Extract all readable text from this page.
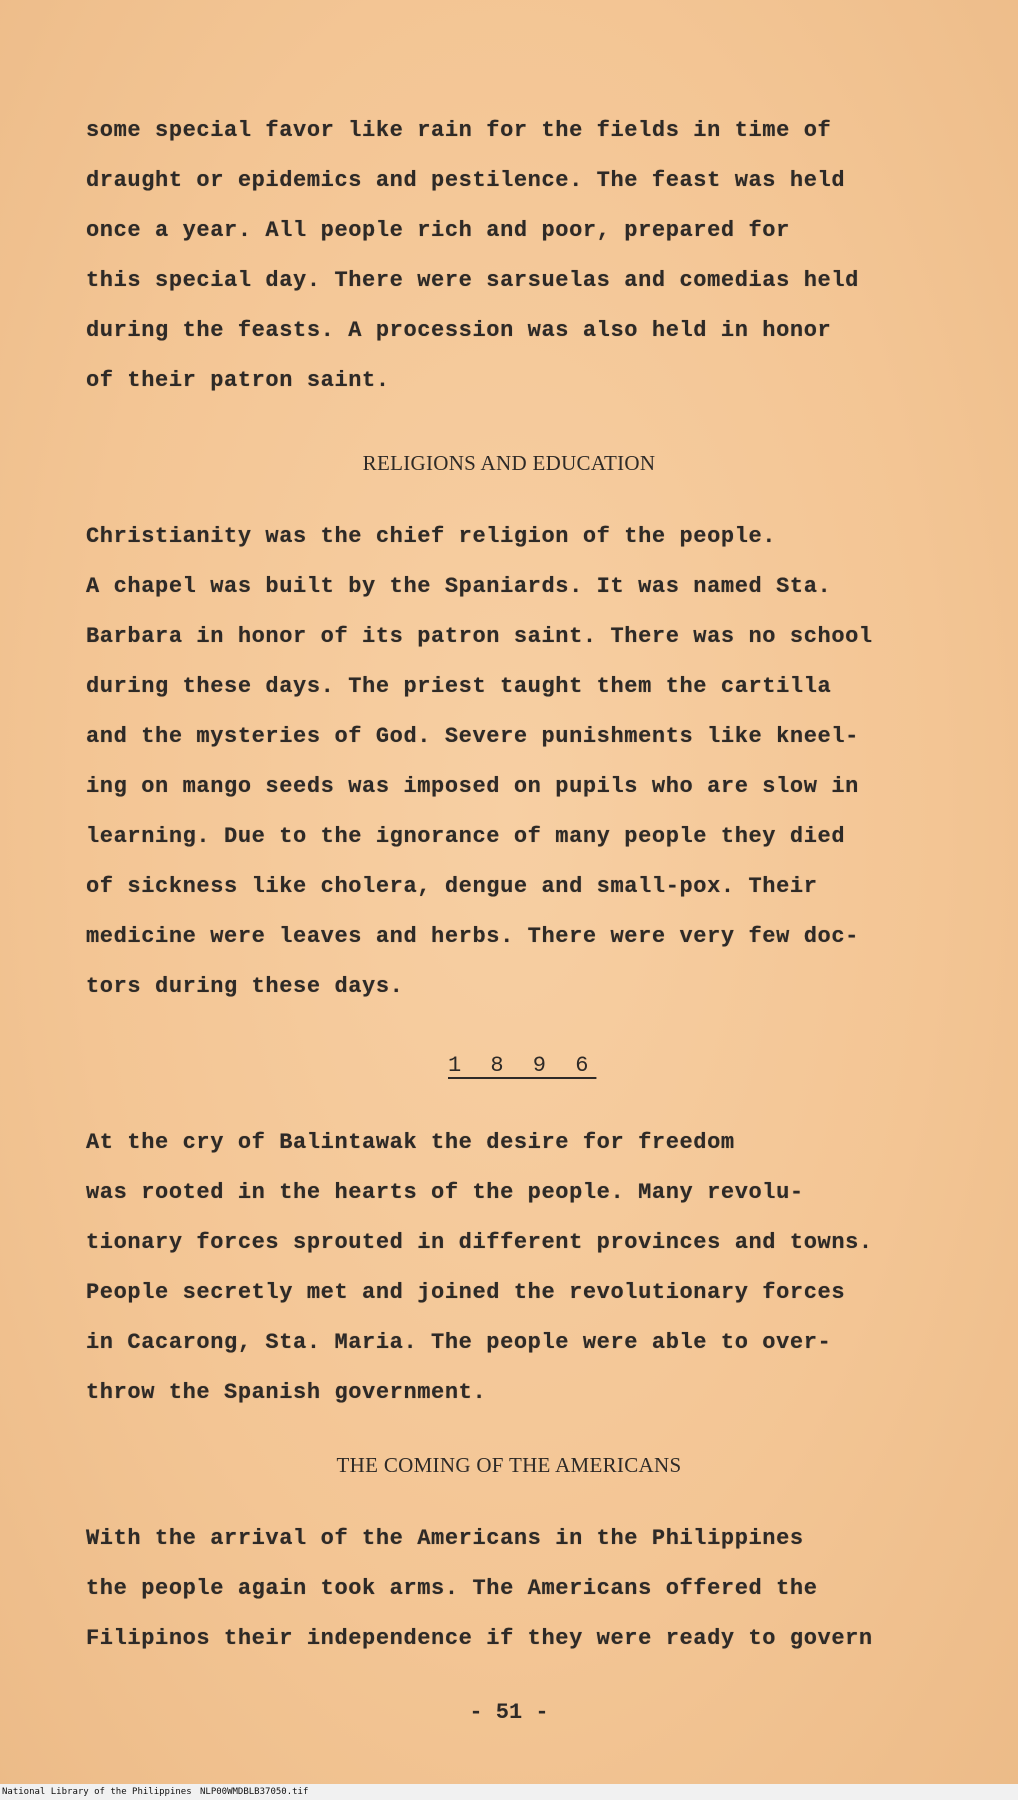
some special favor like rain for the fields in time of
draught or epidemics and pestilence. The feast was held
once a year. All people rich and poor, prepared for
this special day. There were sarsuelas and comedias held
during the feasts. A procession was also held in honor
of their patron saint.
RELIGIONS AND EDUCATION
Christianity was the chief religion of the people.
A chapel was built by the Spaniards. It was named Sta.
Barbara in honor of its patron saint. There was no school
during these days. The priest taught them the cartilla
and the mysteries of God. Severe punishments like kneel-
ing on mango seeds was imposed on pupils who are slow in
learning. Due to the ignorance of many people they died
of sickness like cholera, dengue and small-pox. Their
medicine were leaves and herbs. There were very few doc-
tors during these days.
1 8 9 6
At the cry of Balintawak the desire for freedom
was rooted in the hearts of the people. Many revolu-
tionary forces sprouted in different provinces and towns.
People secretly met and joined the revolutionary forces
in Cacarong, Sta. Maria. The people were able to over-
throw the Spanish government.
THE COMING OF THE AMERICANS
With the arrival of the Americans in the Philippines
the people again took arms. The Americans offered the
Filipinos their independence if they were ready to govern
- 51 -
National Library of the Philippines NLP00WMDBLB37050.tif
